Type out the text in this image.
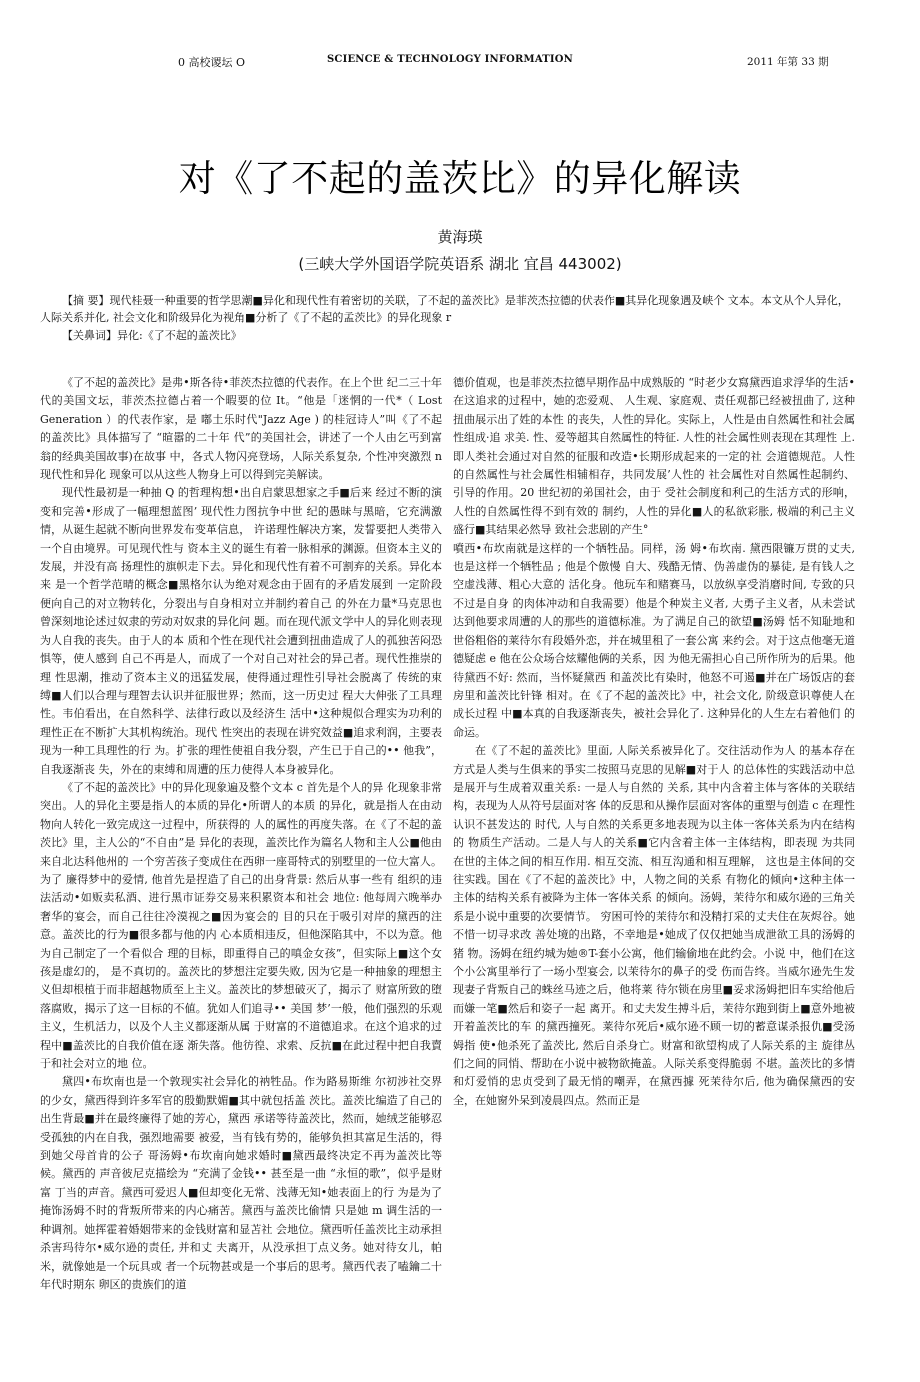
0 高校谡坛 O	SCIENCE & TECHNOLOGY INFORMATION	2011 年第 33 期
对《了不起的盖茨比》的异化解读
黄海瑛
(三峡大学外国语学院英语系 湖北 宜昌 443002)
【摘 要】现代桂聂一种重要的哲学思潮■异化和现代性有着密切的关联，了不起的盖茨比》是菲茨杰拉德的伏表作■其异化现象遇及峡个 文本。本文从个人异化，人际关系并化, 社会文化和阶级异化为视角■分析了《了不起的孟茨比》的异化现象 r
【关鼻词】异化:《了不起的盖茨比》

《了不起的盖茨比》是弗•斯各待•菲茨杰拉德的代表作。在上个世 纪二三十年代的美国文坛，菲茨杰拉德占着一个暇要的位 It。“他是「迷惘的一代*（ Lost Generation ）的代表作家，是 嘟土乐时代"Jazz Age ) 的桂冠诗人”叫《了不起的盖茨比》具体描写了 “暄嚣的二十年 代”的美国社会，讲述了一个人由乞丐到富翁的经典美国故事)在故事 中，各式人物闪亮登场，人际关系复杂, 个性冲突激烈 n 现代性和异化 现象可以从这些人物身上可以得到完美解读。

现代性最初是一种抽 Q 的哲理构想•出自启蒙思想家之手■后来 经过不断的演变和完善•形成了一幅理想蓝图’ 现代性力图抗争中世 纪的愚昧与黑暗，它充满激情，从诞生起就不断向世界发布变革信息， 许诺理性解决方案，发誓要把人类带入一个自由境界。可见现代性与 资本主义的诞生有着一脉相承的渊源。但资本主义的发展，并没有高 扬理性的旗帜走下去。异化和现代性有着不可割弃的关系。异化本来 是一个哲学范晴的概念■黑格尔认为绝对观念由于固有的矛盾发展到 一定阶段便向自己的对立物转化，分裂出与自身相对立并制约着自己 的外在力量*马克思也曾深刻地论述过奴隶的劳动对奴隶的异化问 题。而在现代派文学中人的异化则表现为人自我的丧失。由于人的本 质和个性在现代社会遭到扭曲造成了人的孤独苦闷恐惧等，使人感到 自己不再是人，而成了一个对自己对社会的异己者。现代性推崇的理 性思潮，推动了资本主义的迅猛发展，使得通过理性引导社会脱离了 传统的束缚■人们以合理与理智去认识并征服世界；然而，这一历史过 程大大伸张了工具理性。韦伯看出，在自然科学、法律行政以及经济生 活中•这种規似合理实为功利的理性正在不断扩大其机构统治。现代 性突出的表现在讲究效益■追求利润，主要表现为一种工具理性的行 为。扩张的理性使祖自我分裂，产生已于自己的•• 他我”，自我逐渐丧 失，外在的束缚和周遭的压力使得人本身被异化。

《了不起的盖茨比》中的异化现象遍及整个文本 c 首先是个人的异 化现象非常突出。人的异化主要是指人的本质的异化•所谓人的本质 的异化，就是指人在由动物向人转化一致完成这一过程中，所获得的 人的属性的再度失落。在《了不起的盖茨比》里，主人公的“不自由”是 异化的表现，盖茨比作为篇名人物和主人公■他由来自北达科他州的 一个穷苦孩子变成住在西卵一座哥特式的别墅里的一位大富人。为了 廉得梦中的爱情, 他首先是捏造了自己的出身背景: 然后从事一些有 组织的违法活动•如贩卖私酒、进行黑市证券交易来积累资本和社会 地位: 他每周六晚举办奢华的宴会，而自己往往冷漠视之■因为宴会的 目的只在于吸引对岸的黛西的注意。盖茨比的行为■很多都与他的内 心本质相违反，但他深陷其中，不以为意。他为自己制定了一个看似合 理的目标，即重得自己的嗔金女孩”，但实际上■这个女孩是虚幻的， 是不真切的。盖茨比的梦想注定要失败, 因为它是一种抽象的理想主 义但却根植于而非超越物质至上主义。盖茨比的梦想破灭了，揭示了 财富所致的堕落腐败，揭示了这一目标的不値。犹如人们追寻•• 美国 梦’一般，他们强烈的乐观主义，生机活力，以及个人主义都逐渐从属 于财富的不道德追求。在这个追求的过程中■盖茨比的自我价值在逐 渐失落。他彷徨、求索、反抗■在此过程中把自我賣于和社会对立的地 位。

黛四•布坎南也是一个敦现实社会异化的衲牲品。作为路易斯维 尔初涉社交界的少女，黛西得到许多军官的殷勤默媚■其中就包括盖 茨比。盖茨比编造了自己的出生背最■并在最终廉得了她的芳心，黛西 承诺等待盖茨比，然而，她绒芝能够忍受孤独的内在自我，强烈地需要 被爱，当有钱有势的，能够负担其富足生活的，得到她父母首肯的公子 哥汤姆•布坎南向她求婚时■黛西最终决定不再为盖茨比等候。黛西的 声音彼尼克描绘为 “充满了金钱•• 甚至是一曲 “永恒的歌”，似乎是财富 丁当的声音。黛西可爱迟人■但却变化无常、浅薄无知•她表面上的行 为是为了掩饰汤姆不时的背叛所带来的内心痛苦。黛西与盖茨比偷情 只是她 m 调生活的一种调剂。她挥霍着婚姻带来的金钱财富和显苫社 会地位。黛西听任盖茨比主动承担杀害玛待尔•威尔逊的责任, 并和丈 夫离开，从没承担丁点义务。她对待女儿，帕米，就像她是一个玩具或 者一个玩物甚或是一个事后的思考。黛西代表了嗑鑰二十年代时期东 卵区的贵族们的道

德价值观，也是菲茨杰拉德早期作品中成熟版的 “时老少女寫黛西追求浮华的生活•在这追求的过程中，她的恋爱观、 人生观、家庭观、责任观都已经被扭曲了, 这种扭曲展示出了姓的本性 的丧失，人性的异化。实际上，人性是由自然属性和社会属性组成·追 求美. 性、爱等超其自然属性的特征. 人性的社会属性则表现在其理性 上. 即人类社会通过对自然的征服和改造•长期形成起来的一定的社 会道德规范。人性的自然属性与社会属性相辅相存，共同发展’人性的 社会属性对自然属性起制约、引导的作用。20 世纪初的弟国社会，由于 受社会制度和利己的生活方式的形响，人性的自然属性得不到有效的 制约，人性的异化■人的私欲彩胀, 极端的利己主义盛行■其结果必然导 致社会悲剧的产生°

噴西•布坎南就是这样的一个牺牲品。同样，汤 姆•布坎南. 黛西限镰万贯的丈夫, 也是这样一个牺牲品 ; 他是个傲慢 自大、残酷无情、伪善虚伪的暴徒, 是有钱人之空虚浅薄、粗心大意的 活化身。他玩车和赌赛马，以放纵享受消磨时间, 专致的只不过是自身 的肉体冲动和自我需要）他是个种炭主义者, 大勇子主义者，从未尝试 达到他要求周遭的人的那些的道德标准。为了满足自己的欲望■汤姆 恬不知耻地和世俗粗俗的莱待尔有段婚外恋，并在城里租了一套公寓 来约会。对于这点他毫无道德疑虑 e 他在公众场合炫耀他俩的关系，因 为他无需担心自己所作所为的后果。他待黛西不好: 然而，当怀疑黛西 和盖茨比有染时，他怒不可遏■并在广场饭店的套房里和盖茨比针锋 相对。在《了不起的盖茨比》中，社会文化, 阶级意识尊使人在成长过程 中■本真的自我逐渐丧失，被社会异化了. 这种异化的人生左右着他们 的命运。

在《了不起的盖茨比》里面, 人际关系被异化了。交往活动作为人 的基本存在方式是人类与生俱来的爭实二按照马克思的见解■对于人 的总体性的实践活动中总是展开与生成着双重关系: 一是人与自然的 关系, 其中内含着主体与客体的关联结构，表现为人从符号层面对客 体的反思和从操作层面对客体的重塑与创造 c 在理性认识不甚发达的 时代, 人与自然的关系更多地表现为以主体一客体关系为内在结构的 物质生产活动。二是人与人的关系■它内含着主体一主体结构，即表现 为共同在世的主体之间的相互作用. 相互交流、相互沟通和相互理解， 这也是主体间的交往实践。国在《了不起的盖茨比》中，人物之间的关系 有物化的倾向•这种主体一主体的结构关系有被降为主体一客体关系 的倾向。汤姆，茉待尔和威尔逊的三角关系是小说中重要的次要情节。 穷困可怜的茉待尔和没精打采的丈夫住在灰烬谷。她不惜一切寻求改 善处境的出路，不幸地是•她成了仅仅把她当成泄欲工具的汤姆的猪 物。汤姆在纽约城为她®T-套小公寓，他们输偷地在此约会。小说 中，他们在这个小公寓里举行了一场小型宴会, 以茉待尔的鼻子的受 伤而告终。当威尔逊先生发现妻子背叛自己的蛛丝马迹之后，他将莱 待尔锁在房里■妥求汤姆把旧车实给他后而嫌一笔■然后和姿子一起 离开。和丈夫发生搏斗后，茉待尔跑到街上■意外地被开着盖茨比的车 的黛西撞死。莱待尔死后•威尔逊不顾一切的蓄意谋杀报仇■受汤姆指 使•他杀死了盖茨比, 然后自杀身亡。财富和欲望构成了人际关系的主 旋律丛们之间的同悄、帮助在小说中被物欲掩盖。人际关系变得脆弱 不堪。盖茨比的多情和灯爱悄的忠贞受到了最无悄的嘲弄，在黛西據 死茉待尔后, 他为确保黛西的安全，在她窗外呆到凌晨四点。然而正是
